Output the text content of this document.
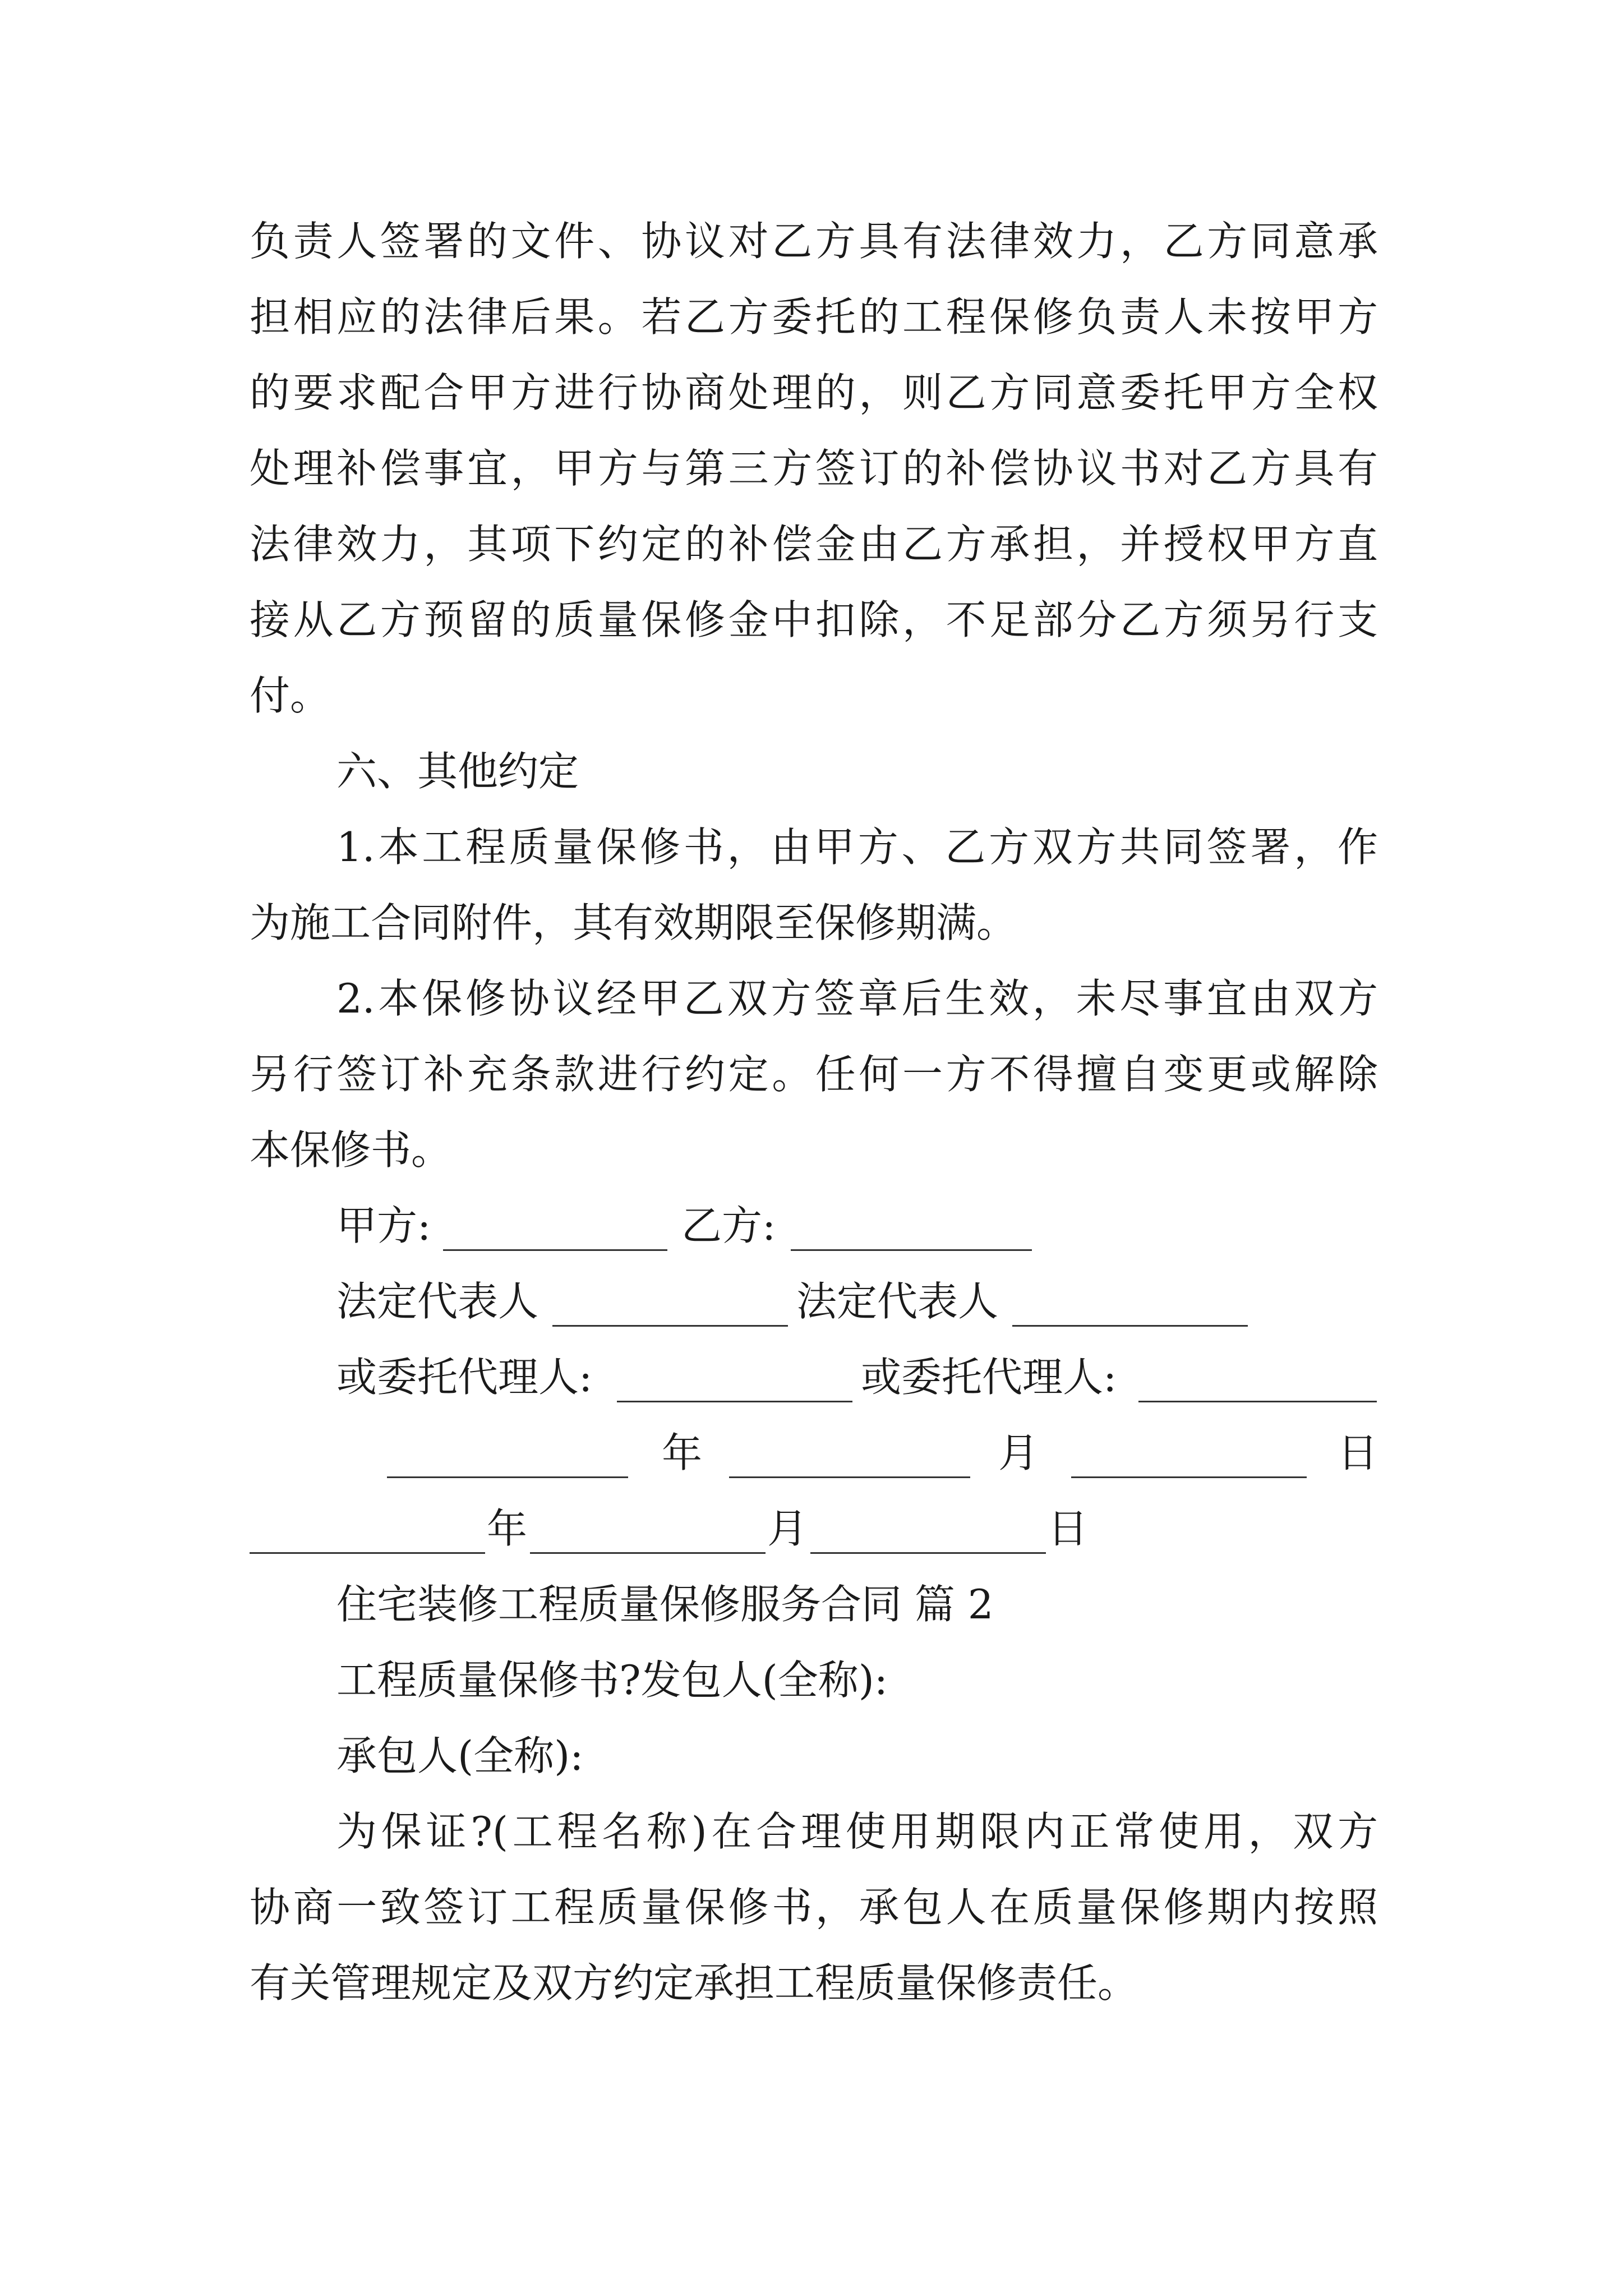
负责人签署的文件、协议对乙方具有法律效力，乙方同意承

担相应的法律后果。若乙方委托的工程保修负责人未按甲方

的要求配合甲方进行协商处理的，则乙方同意委托甲方全权

处理补偿事宜，甲方与第三方签订的补偿协议书对乙方具有

法律效力，其项下约定的补偿金由乙方承担，并授权甲方直

接从乙方预留的质量保修金中扣除，不足部分乙方须另行支

付。

六、其他约定

1.本工程质量保修书，由甲方、乙方双方共同签署，作

为施工合同附件，其有效期限至保修期满。

2.本保修协议经甲乙双方签章后生效，未尽事宜由双方

另行签订补充条款进行约定。任何一方不得擅自变更或解除

本保修书。

甲方:	乙方:

法定代表人	法定代表人

或委托代理人:	或委托代理人:

年	月	日

年	月	日

住宅装修工程质量保修服务合同 篇 2

工程质量保修书?发包人(全称):

承包人(全称):

为保证?(工程名称)在合理使用期限内正常使用，双方

协商一致签订工程质量保修书，承包人在质量保修期内按照

有关管理规定及双方约定承担工程质量保修责任。
